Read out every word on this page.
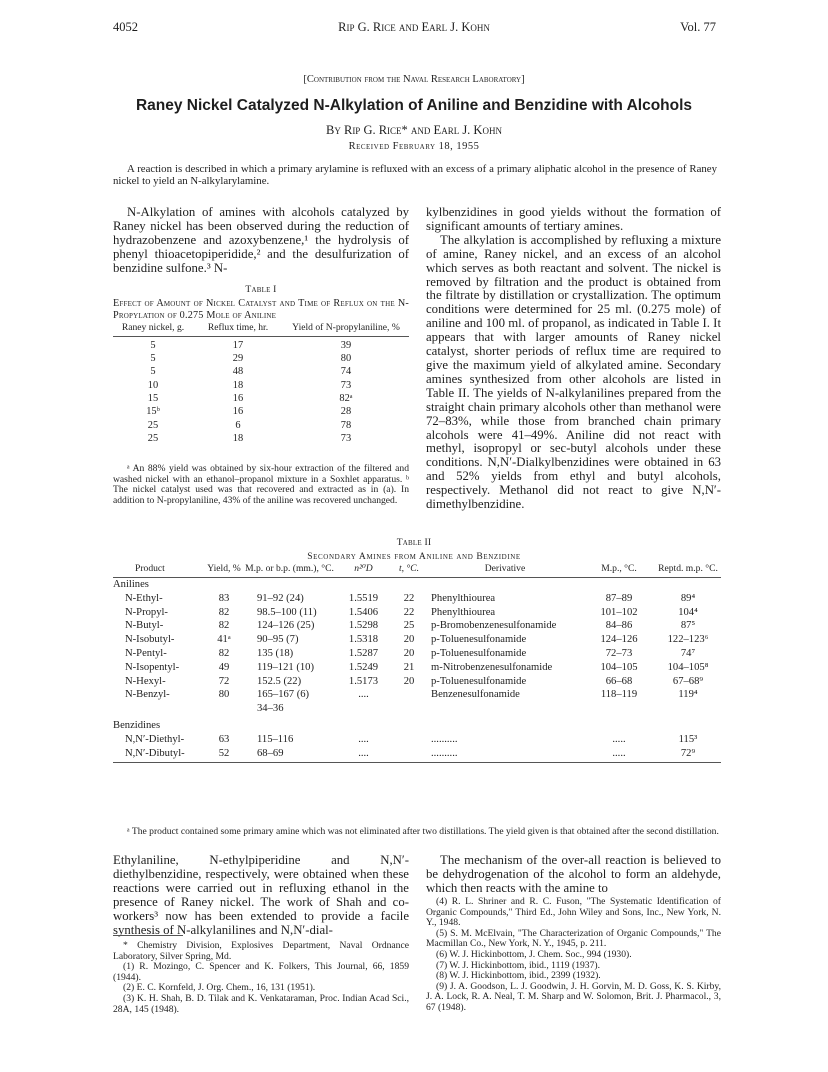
4052	Rip G. Rice and Earl J. Kohn	Vol. 77
[Contribution from the Naval Research Laboratory]
Raney Nickel Catalyzed N-Alkylation of Aniline and Benzidine with Alcohols
By Rip G. Rice* and Earl J. Kohn
Received February 18, 1955
A reaction is described in which a primary arylamine is refluxed with an excess of a primary aliphatic alcohol in the presence of Raney nickel to yield an N-alkylarylamine.

N-Alkylation of amines with alcohols catalyzed by Raney nickel has been observed during the reduction of hydrazobenzene and azoxybenzene,¹ the hydrolysis of phenyl thioacetopiperidide,² and the desulfurization of benzidine sulfone.³ N-

Table I
Effect of Amount of Nickel Catalyst and Time of Reflux on the N-Propylation of 0.275 Mole of Aniline
Raney nickel, g.	Reflux time, hr.	Yield of N-propylaniline, %

5	17	39
5	29	80
5	48	74
10	18	73
15	16	82ᵃ
15ᵇ	16	28
25	6	78
25	18	73
ᵃ An 88% yield was obtained by six-hour extraction of the filtered and washed nickel with an ethanol–propanol mixture in a Soxhlet apparatus. ᵇ The nickel catalyst used was that recovered and extracted as in (a). In addition to N-propylaniline, 43% of the aniline was recovered unchanged.

kylbenzidines in good yields without the formation of significant amounts of tertiary amines.

The alkylation is accomplished by refluxing a mixture of amine, Raney nickel, and an excess of an alcohol which serves as both reactant and solvent. The nickel is removed by filtration and the product is obtained from the filtrate by distillation or crystallization. The optimum conditions were determined for 25 ml. (0.275 mole) of aniline and 100 ml. of propanol, as indicated in Table I. It appears that with larger amounts of Raney nickel catalyst, shorter periods of reflux time are required to give the maximum yield of alkylated amine. Secondary amines synthesized from other alcohols are listed in Table II. The yields of N-alkylanilines prepared from the straight chain primary alcohols other than methanol were 72–83%, while those from branched chain primary alcohols were 41–49%. Aniline did not react with methyl, isopropyl or sec-butyl alcohols under these conditions. N,N′-Dialkylbenzidines were obtained in 63 and 52% yields from ethyl and butyl alcohols, respectively. Methanol did not react to give N,N′-dimethylbenzidine.

Table II
Secondary Amines from Aniline and Benzidine
Product	Yield, %	M.p. or b.p. (mm.), °C.	n²⁰D	t, °C.	Derivative	M.p., °C.	Reptd. m.p. °C.

Anilines							
N-Ethyl-	83	91–92 (24)	1.5519	22	Phenylthiourea	87–89	89⁴
N-Propyl-	82	98.5–100 (11)	1.5406	22	Phenylthiourea	101–102	104⁴
N-Butyl-	82	124–126 (25)	1.5298	25	p-Bromobenzenesulfonamide	84–86	87⁵
N-Isobutyl-	41ᵃ	90–95 (7)	1.5318	20	p-Toluenesulfonamide	124–126	122–123⁶
N-Pentyl-	82	135 (18)	1.5287	20	p-Toluenesulfonamide	72–73	74⁷
N-Isopentyl-	49	119–121 (10)	1.5249	21	m-Nitrobenzenesulfonamide	104–105	104–105⁸
N-Hexyl-	72	152.5 (22)	1.5173	20	p-Toluenesulfonamide	66–68	67–68⁹
N-Benzyl-	80	165–167 (6)	....		Benzenesulfonamide	118–119	119⁴
		34–36					
Benzidines							
N,N′-Diethyl-	63	115–116	....		..........	.....	115³
N,N′-Dibutyl-	52	68–69	....		..........	.....	72⁹

ᵃ The product contained some primary amine which was not eliminated after two distillations. The yield given is that obtained after the second distillation.

Ethylaniline, N-ethylpiperidine and N,N′-diethylbenzidine, respectively, were obtained when these reactions were carried out in refluxing ethanol in the presence of Raney nickel. The work of Shah and co-workers³ now has been extended to provide a facile synthesis of N-alkylanilines and N,N′-dial-

The mechanism of the over-all reaction is believed to be dehydrogenation of the alcohol to form an aldehyde, which then reacts with the amine to

* Chemistry Division, Explosives Department, Naval Ordnance Laboratory, Silver Spring, Md.

(1) R. Mozingo, C. Spencer and K. Folkers, This Journal, 66, 1859 (1944).

(2) E. C. Kornfeld, J. Org. Chem., 16, 131 (1951).

(3) K. H. Shah, B. D. Tilak and K. Venkataraman, Proc. Indian Acad Sci., 28A, 145 (1948).

(4) R. L. Shriner and R. C. Fuson, "The Systematic Identification of Organic Compounds," Third Ed., John Wiley and Sons, Inc., New York, N. Y., 1948.

(5) S. M. McElvain, "The Characterization of Organic Compounds," The Macmillan Co., New York, N. Y., 1945, p. 211.

(6) W. J. Hickinbottom, J. Chem. Soc., 994 (1930).

(7) W. J. Hickinbottom, ibid., 1119 (1937).

(8) W. J. Hickinbottom, ibid., 2399 (1932).

(9) J. A. Goodson, L. J. Goodwin, J. H. Gorvin, M. D. Goss, K. S. Kirby, J. A. Lock, R. A. Neal, T. M. Sharp and W. Solomon, Brit. J. Pharmacol., 3, 67 (1948).
